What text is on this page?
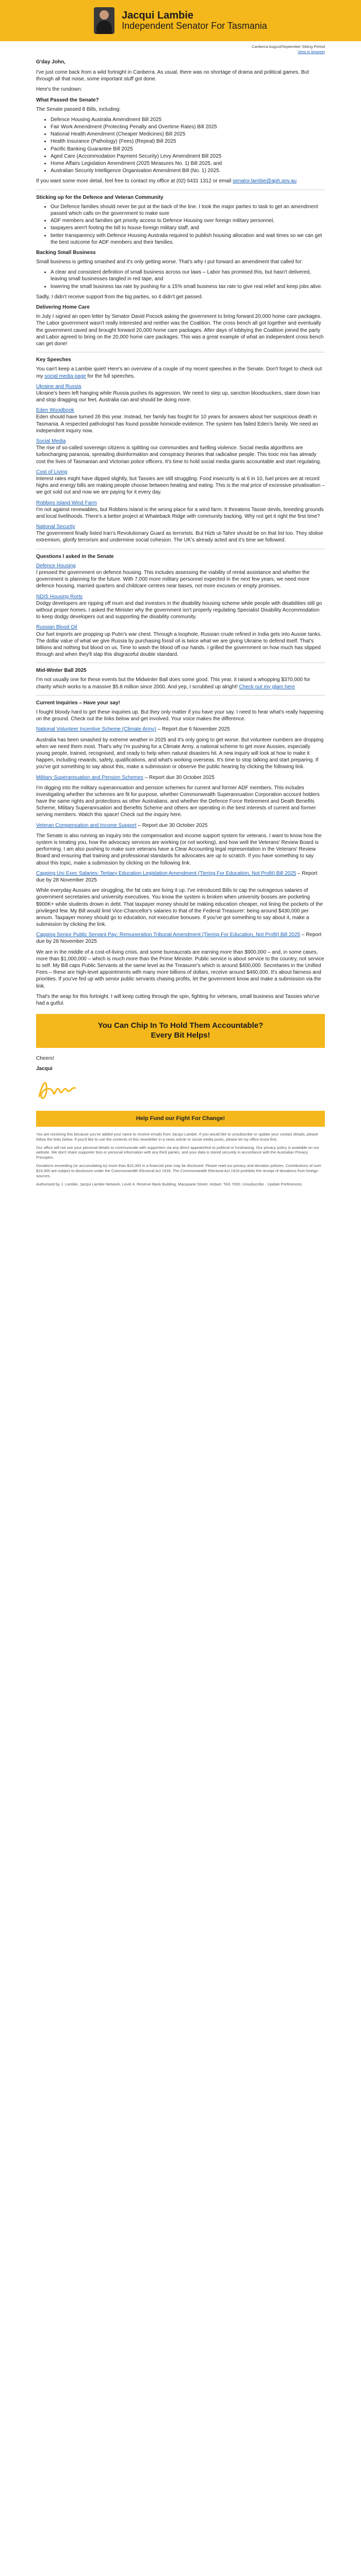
Jacqui Lambie
Independent Senator For Tasmania
Canberra August/September Sitting Period
View in browser

G'day John,

I've just come back from a wild fortnight in Canberra. As usual, there was no shortage of drama and political games. But through all that noise, some important stuff got done.

Here's the rundown:

What Passed the Senate?

The Senate passed 8 Bills, including:

• Defence Housing Australia Amendment Bill 2025
• Fair Work Amendment (Protecting Penalty and Overtime Rates) Bill 2025
• National Health Amendment (Cheaper Medicines) Bill 2025
• Health Insurance (Pathology) (Fees) (Repeal) Bill 2025
• Pacific Banking Guarantee Bill 2025
• Aged Care (Accommodation Payment Security) Levy Amendment Bill 2025
• Home Affairs Legislation Amendment (2025 Measures No. 1) Bill 2025, and
• Australian Security Intelligence Organisation Amendment Bill (No. 1) 2025.

If you want some more detail, feel free to contact my office at (02) 6431 1312 or email senator.lambie@aph.gov.au

Sticking up for the Defence and Veteran Community
• Our Defence families should never be put at the back of the line. I took the major parties to task to get an amendment passed which calls on the government to make sure
• ADF members and families get priority access to Defence Housing over foreign military personnel,
• taxpayers aren't footing the bill to house foreign military staff, and
• better transparency with Defence Housing Australia required to publish housing allocation and wait times so we can get the best outcome for ADF members and their families.
Backing Small Business

Small business is getting smashed and it's only getting worse. That's why I put forward an amendment that called for:

• A clear and consistent definition of small business across our laws – Labor has promised this, but hasn't delivered, leaving small businesses tangled in red tape, and
• lowering the small business tax rate by pushing for a 15% small business tax rate to give real relief and keep jobs alive.

Sadly, I didn't receive support from the big parties, so it didn't get passed.

Delivering Home Care

In July I signed an open letter by Senator David Pocock asking the government to bring forward 20,000 home care packages. The Labor government wasn't really interested and neither was the Coalition. The cross bench all got together and eventually the government caved and brought forward 20,000 home care packages. After days of lobbying the Coalition joined the party and Labor agreed to bring on the 20,000 home care packages. This was a great example of what an independent cross bench can get done!

Key Speeches

You can't keep a Lambie quiet! Here's an overview of a couple of my recent speeches in the Senate. Don't forget to check out my social media page for the full speeches.

Ukraine and Russia

Ukraine's been left hanging while Russia pushes its aggression. We need to step up, sanction bloodsuckers, stare down Iran and stop dragging our feet. Australia can and should be doing more.

Eden Woodbook

Eden should have turned 26 this year. Instead, her family has fought for 10 years for answers about her suspicious death in Tasmania. A respected pathologist has found possible homicide evidence. The system has failed Eden's family. We need an independent inquiry now.

Social Media

The rise of so-called sovereign citizens is splitting our communities and fuelling violence. Social media algorithms are turbocharging paranoia, spreading disinformation and conspiracy theories that radicalise people. This toxic mix has already cost the lives of Tasmanian and Victorian police officers. It's time to hold social media giants accountable and start regulating.

Cost of Living

Interest rates might have dipped slightly, but Tassies are still struggling. Food insecurity is at 6 in 10, fuel prices are at record highs and energy bills are making people choose between heating and eating. This is the real price of excessive privatisation – we got sold out and now we are paying for it every day.

Robbins Island Wind Farm

I'm not against renewables, but Robbins Island is the wrong place for a wind farm. It threatens Tassie devils, breeding grounds and local livelihoods. There's a better project at Whaleback Ridge with community backing. Why not get it right the first time?

National Security

The government finally listed Iran's Revolutionary Guard as terrorists. But Hizb ut-Tahrir should be on that list too. They idolise extremism, glorify terrorism and undermine social cohesion. The UK's already acted and it's time we followed.

Questions I asked in the Senate
Defence Housing

I pressed the government on defence housing. This includes assessing the viability of rental assistance and whether the government is planning for the future. With 7,000 more military personnel expected in the next few years, we need more defence housing, married quarters and childcare centres near bases, not more excuses or empty promises.

NDIS Housing Rorts

Dodgy developers are ripping off mum and dad investors in the disability housing scheme while people with disabilities still go without proper homes. I asked the Minister why the government isn't properly regulating Specialist Disability Accommodation to keep dodgy developers out and supporting the disability community.

Russian Blood Oil

Our fuel imports are propping up Putin's war chest. Through a loophole, Russian crude refined in India gets into Aussie tanks. The dollar value of what we give Russia by purchasing fossil oil is twice what we are giving Ukraine to defend itself. That's billions and nothing but blood on us. Time to wash the blood off our hands. I grilled the government on how much has slipped through and when they'll slap this disgraceful double standard.

Mid-Winter Ball 2025

I'm not usually one for these events but the Midwinter Ball does some good. This year, it raised a whopping $370,000 for charity which works to a massive $5.8 million since 2000. And yep, I scrubbed up alright! Check out my glam here

Current Inquiries – Have your say!

I fought bloody hard to get these inquiries up. But they only matter if you have your say. I need to hear what's really happening on the ground. Check out the links below and get involved. Your voice makes the difference.

National Volunteer Incentive Scheme (Climate Army) – Report due 6 November 2025

Australia has been smashed by extreme weather in 2025 and it's only going to get worse. But volunteer numbers are dropping when we need them most. That's why I'm pushing for a Climate Army, a national scheme to get more Aussies, especially young people, trained, recognised, and ready to help when natural disasters hit. A new inquiry will look at how to make it happen, including rewards, safety, qualifications, and what's working overseas. It's time to stop talking and start preparing. If you've got something to say about this, make a submission or observe the public hearing by clicking the following link.

Military Superannuation and Pension Schemes – Report due 30 October 2025

I'm digging into the military superannuation and pension schemes for current and former ADF members. This includes investigating whether the schemes are fit for purpose, whether Commonwealth Superannuation Corporation account holders have the same rights and protections as other Australians, and whether the Defence Force Retirement and Death Benefits Scheme, Military Superannuation and Benefits Scheme and others are operating in the best interests of current and former serving members. Watch this space! Check out the inquiry here.

Veteran Compensation and Income Support – Report due 30 October 2025

The Senate is also running an inquiry into the compensation and income support system for veterans. I want to know how the system is treating you, how the advocacy services are working (or not working), and how well the Veterans' Review Board is performing. I am also pushing to make sure veterans have a Clear Accounting legal representation in the Veterans' Review Board and ensuring that training and professional standards for advocates are up to scratch. If you have something to say about this topic, make a submission by clicking on the following link.

Capping Uni Exec Salaries: Tertiary Education Legislation Amendment (Tiering For Education, Not Profit) Bill 2025 – Report due by 28 November 2025

While everyday Aussies are struggling, the fat cats are living it up. I've introduced Bills to cap the outrageous salaries of government secretaries and university executives. You know the system is broken when university bosses are pocketing $900K+ while students drown in debt. That taxpayer money should be making education cheaper, not lining the pockets of the privileged few. My Bill would limit Vice-Chancellor's salaries to that of the Federal Treasurer: being around $430,000 per annum. Taxpayer money should go to education, not executive bonuses. If you've got something to say about it, make a submission by clicking the link.

Capping Senior Public Servant Pay: Remuneration Tribunal Amendment (Tiering For Education, Not Profit) Bill 2025 – Report due by 28 November 2025

We are in the middle of a cost-of-living crisis, and some bureaucrats are earning more than $900,000 – and, in some cases, more than $1,000,000 – which is much more than the Prime Minister. Public service is about service to the country, not service to self. My Bill caps Public Servants at the same level as the Treasurer's which is around $400,000. Secretaries in the Unified Fees – these are high-level appointments with many more billions of dollars, receive around $460,000. It's about fairness and priorities. If you've fed up with senior public servants chasing profits, let the government know and make a submission via the link.

That's the wrap for this fortnight. I will keep cutting through the spin, fighting for veterans, small business and Tassies who've had a gutful.

You Can Chip In To Hold Them Accountable?
Every Bit Helps!

Cheers!

Jacqui

Help Fund our Fight For Change!

You are receiving this because you've added your name to receive emails from Jacqui Lambie. If you would like to unsubscribe or update your contact details, please follow the links below. If you'd like to use the contents of this newsletter in a news article or social media posts, please let my office know first.

Our office will not use your personal details to communicate with supporters via any direct appeals/text to political or fundraising. Our privacy policy is available on our website. We don't share supporter lists or personal information with any third parties, and your data is stored securely in accordance with the Australian Privacy Principles.

Donations exceeding (or accumulating to) more than $16,300 in a financial year may be disclosed. Please read our privacy and donation policies. Contributions of over $16,300 are subject to disclosure under the Commonwealth Electoral Act 1918. The Commonwealth Electoral Act 1918 prohibits the receipt of donations from foreign sources.

Authorised by J. Lambie, Jacqui Lambie Network, Level 4, Reserve Bank Building, Macquarie Street, Hobart, TAS 7000. Unsubscribe · Update Preferences
